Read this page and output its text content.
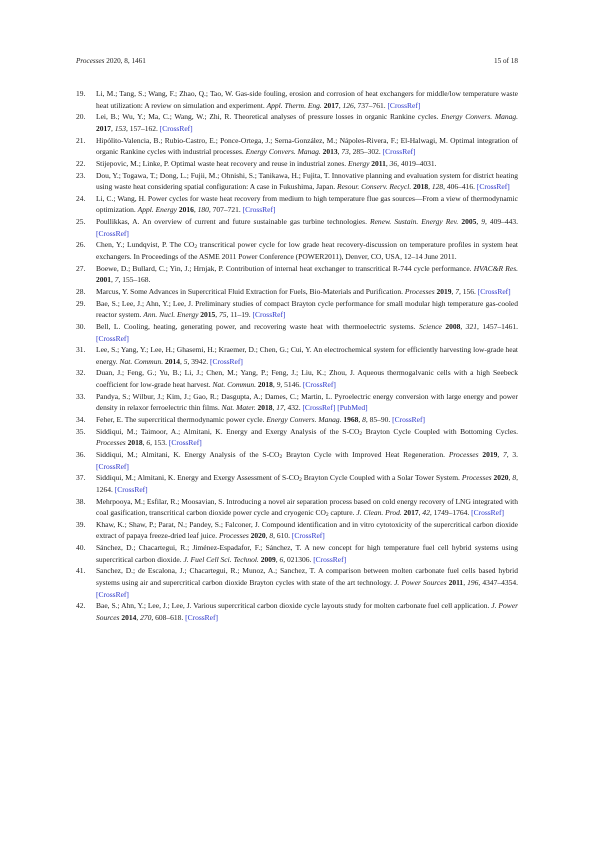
Processes 2020, 8, 1461	15 of 18
19.	Li, M.; Tang, S.; Wang, F.; Zhao, Q.; Tao, W. Gas-side fouling, erosion and corrosion of heat exchangers for middle/low temperature waste heat utilization: A review on simulation and experiment. Appl. Therm. Eng. 2017, 126, 737–761. [CrossRef]
20.	Lei, B.; Wu, Y.; Ma, C.; Wang, W.; Zhi, R. Theoretical analyses of pressure losses in organic Rankine cycles. Energy Convers. Manag. 2017, 153, 157–162. [CrossRef]
21.	Hipólito-Valencia, B.; Rubio-Castro, E.; Ponce-Ortega, J.; Serna-González, M.; Nápoles-Rivera, F.; El-Halwagi, M. Optimal integration of organic Rankine cycles with industrial processes. Energy Convers. Manag. 2013, 73, 285–302. [CrossRef]
22.	Stijepovic, M.; Linke, P. Optimal waste heat recovery and reuse in industrial zones. Energy 2011, 36, 4019–4031.
23.	Dou, Y.; Togawa, T.; Dong, L.; Fujii, M.; Ohnishi, S.; Tanikawa, H.; Fujita, T. Innovative planning and evaluation system for district heating using waste heat considering spatial configuration: A case in Fukushima, Japan. Resour. Conserv. Recycl. 2018, 128, 406–416. [CrossRef]
24.	Li, C.; Wang, H. Power cycles for waste heat recovery from medium to high temperature flue gas sources—From a view of thermodynamic optimization. Appl. Energy 2016, 180, 707–721. [CrossRef]
25.	Poullikkas, A. An overview of current and future sustainable gas turbine technologies. Renew. Sustain. Energy Rev. 2005, 9, 409–443. [CrossRef]
26.	Chen, Y.; Lundqvist, P. The $CO_2$ transcritical power cycle for low grade heat recovery-discussion on temperature profiles in system heat exchangers. In Proceedings of the ASME 2011 Power Conference (POWER2011), Denver, CO, USA, 12–14 June 2011.
27.	Boewe, D.; Bullard, C.; Yin, J.; Hrnjak, P. Contribution of internal heat exchanger to transcritical R-744 cycle performance. HVAC&R Res. 2001, 7, 155–168.
28.	Marcus, Y. Some Advances in Supercritical Fluid Extraction for Fuels, Bio-Materials and Purification. Processes 2019, 7, 156. [CrossRef]
29.	Bae, S.; Lee, J.; Ahn, Y.; Lee, J. Preliminary studies of compact Brayton cycle performance for small modular high temperature gas-cooled reactor system. Ann. Nucl. Energy 2015, 75, 11–19. [CrossRef]
30.	Bell, L. Cooling, heating, generating power, and recovering waste heat with thermoelectric systems. Science 2008, 321, 1457–1461. [CrossRef]
31.	Lee, S.; Yang, Y.; Lee, H.; Ghasemi, H.; Kraemer, D.; Chen, G.; Cui, Y. An electrochemical system for efficiently harvesting low-grade heat energy. Nat. Commun. 2014, 5, 3942. [CrossRef]
32.	Duan, J.; Feng, G.; Yu, B.; Li, J.; Chen, M.; Yang, P.; Feng, J.; Liu, K.; Zhou, J. Aqueous thermogalvanic cells with a high Seebeck coefficient for low-grade heat harvest. Nat. Commun. 2018, 9, 5146. [CrossRef]
33.	Pandya, S.; Wilbur, J.; Kim, J.; Gao, R.; Dasgupta, A.; Dames, C.; Martin, L. Pyroelectric energy conversion with large energy and power density in relaxor ferroelectric thin films. Nat. Mater. 2018, 17, 432. [CrossRef] [PubMed]
34.	Feher, E. The supercritical thermodynamic power cycle. Energy Convers. Manag. 1968, 8, 85–90. [CrossRef]
35.	Siddiqui, M.; Taimoor, A.; Almitani, K. Energy and Exergy Analysis of the $S-CO_2$ Brayton Cycle Coupled with Bottoming Cycles. Processes 2018, 6, 153. [CrossRef]
36.	Siddiqui, M.; Almitani, K. Energy Analysis of the $S-CO_2$ Brayton Cycle with Improved Heat Regeneration. Processes 2019, 7, 3. [CrossRef]
37.	Siddiqui, M.; Almitani, K. Energy and Exergy Assessment of $S-CO_2$ Brayton Cycle Coupled with a Solar Tower System. Processes 2020, 8, 1264. [CrossRef]
38.	Mehrpooya, M.; Esfilar, R.; Moosavian, S. Introducing a novel air separation process based on cold energy recovery of LNG integrated with coal gasification, transcritical carbon dioxide power cycle and cryogenic $CO_2$ capture. J. Clean. Prod. 2017, 42, 1749–1764. [CrossRef]
39.	Khaw, K.; Shaw, P.; Parat, N.; Pandey, S.; Falconer, J. Compound identification and in vitro cytotoxicity of the supercritical carbon dioxide extract of papaya freeze-dried leaf juice. Processes 2020, 8, 610. [CrossRef]
40.	Sánchez, D.; Chacartegui, R.; Jiménez-Espadafor, F.; Sánchez, T. A new concept for high temperature fuel cell hybrid systems using supercritical carbon dioxide. J. Fuel Cell Sci. Technol. 2009, 6, 021306. [CrossRef]
41.	Sanchez, D.; de Escalona, J.; Chacartegui, R.; Munoz, A.; Sanchez, T. A comparison between molten carbonate fuel cells based hybrid systems using air and supercritical carbon dioxide Brayton cycles with state of the art technology. J. Power Sources 2011, 196, 4347–4354. [CrossRef]
42.	Bae, S.; Ahn, Y.; Lee, J.; Lee, J. Various supercritical carbon dioxide cycle layouts study for molten carbonate fuel cell application. J. Power Sources 2014, 270, 608–618. [CrossRef]
